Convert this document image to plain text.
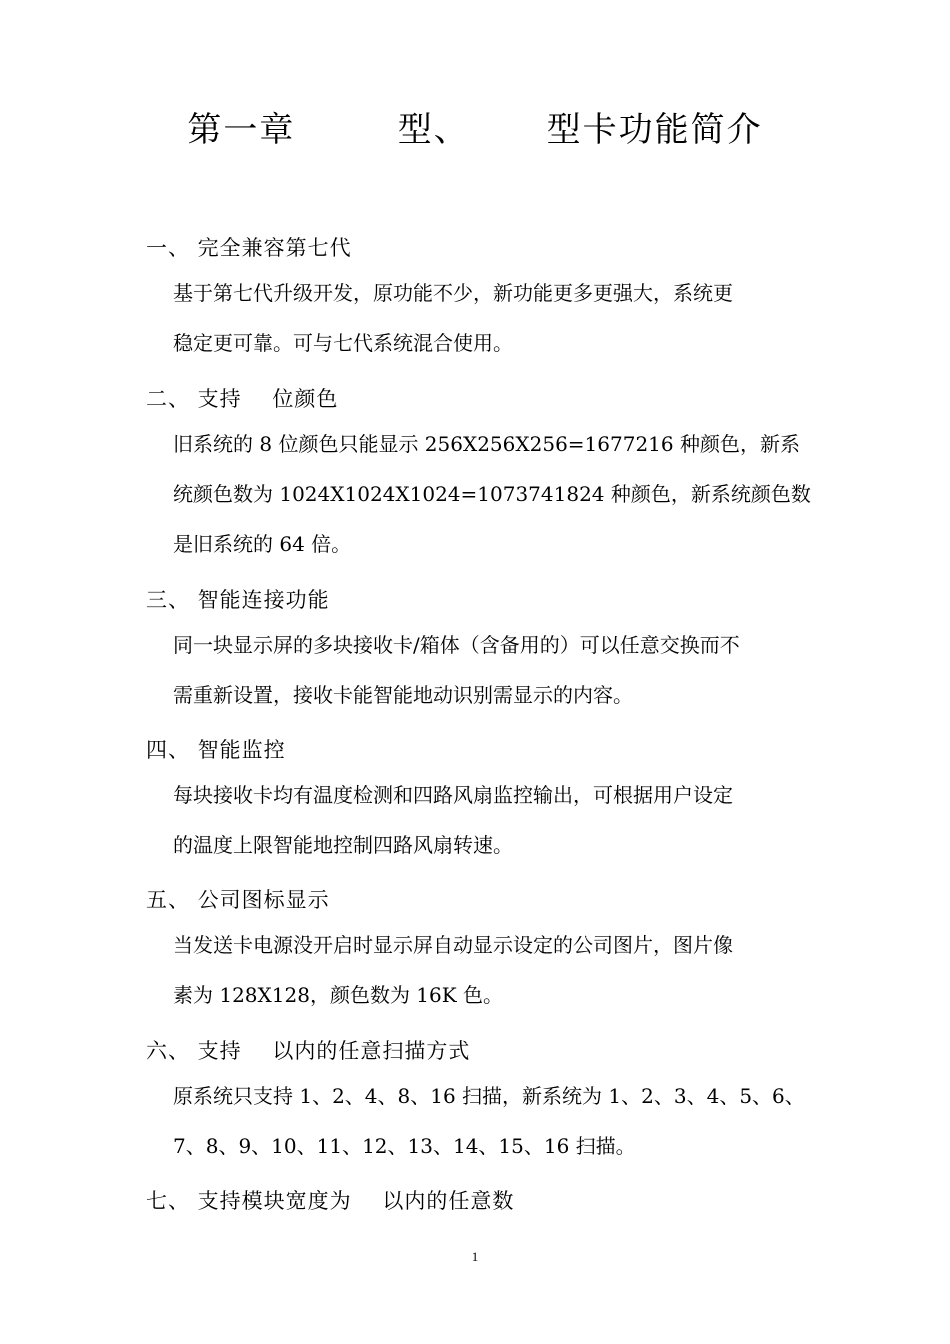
第一章        型、      型卡功能简介
一、 完全兼容第七代
基于第七代升级开发，原功能不少，新功能更多更强大，系统更
稳定更可靠。可与七代系统混合使用。
二、 支持    位颜色
旧系统的 8 位颜色只能显示 256X256X256=1677216 种颜色，新系
统颜色数为 1024X1024X1024=1073741824 种颜色，新系统颜色数
是旧系统的 64 倍。
三、 智能连接功能
同一块显示屏的多块接收卡/箱体（含备用的）可以任意交换而不
需重新设置，接收卡能智能地动识别需显示的内容。
四、 智能监控
每块接收卡均有温度检测和四路风扇监控输出，可根据用户设定
的温度上限智能地控制四路风扇转速。
五、 公司图标显示
当发送卡电源没开启时显示屏自动显示设定的公司图片，图片像
素为 128X128，颜色数为 16K 色。
六、 支持    以内的任意扫描方式
原系统只支持 1、2、4、8、16 扫描，新系统为 1、2、3、4、5、6、
7、8、9、10、11、12、13、14、15、16 扫描。
七、 支持模块宽度为    以内的任意数
1
